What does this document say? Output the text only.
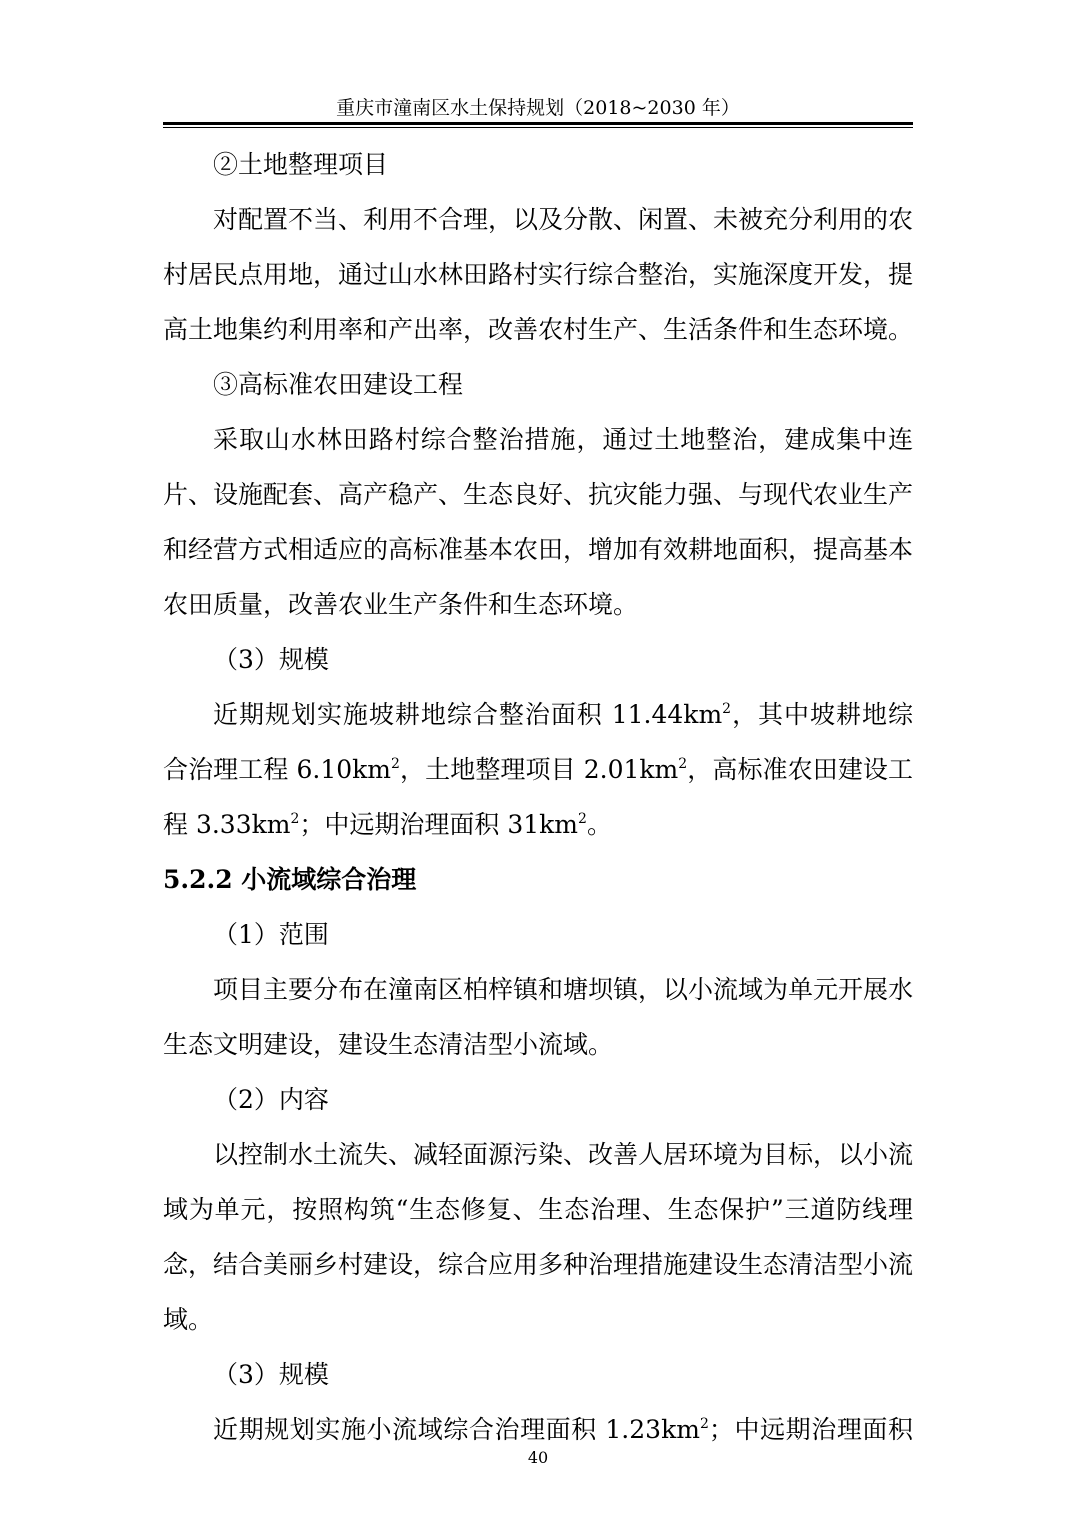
重庆市潼南区水土保持规划（2018~2030 年）

②土地整理项目

对配置不当、利用不合理，以及分散、闲置、未被充分利用的农村居民点用地，通过山水林田路村实行综合整治，实施深度开发，提高土地集约利用率和产出率，改善农村生产、生活条件和生态环境。

③高标准农田建设工程

采取山水林田路村综合整治措施，通过土地整治，建成集中连片、设施配套、高产稳产、生态良好、抗灾能力强、与现代农业生产和经营方式相适应的高标准基本农田，增加有效耕地面积，提高基本农田质量，改善农业生产条件和生态环境。

（3）规模

近期规划实施坡耕地综合整治面积 $11.44km^2$，其中坡耕地综合治理工程 $6.10km^2$，土地整理项目 $2.01km^2$，高标准农田建设工程 $3.33km^2$；中远期治理面积 $31km^2$。

5.2.2 小流域综合治理

（1）范围

项目主要分布在潼南区柏梓镇和塘坝镇，以小流域为单元开展水生态文明建设，建设生态清洁型小流域。

（2）内容

以控制水土流失、减轻面源污染、改善人居环境为目标，以小流域为单元，按照构筑“生态修复、生态治理、生态保护”三道防线理念，结合美丽乡村建设，综合应用多种治理措施建设生态清洁型小流域。

（3）规模

近期规划实施小流域综合治理面积 $1.23km^2$；中远期治理面积

40
